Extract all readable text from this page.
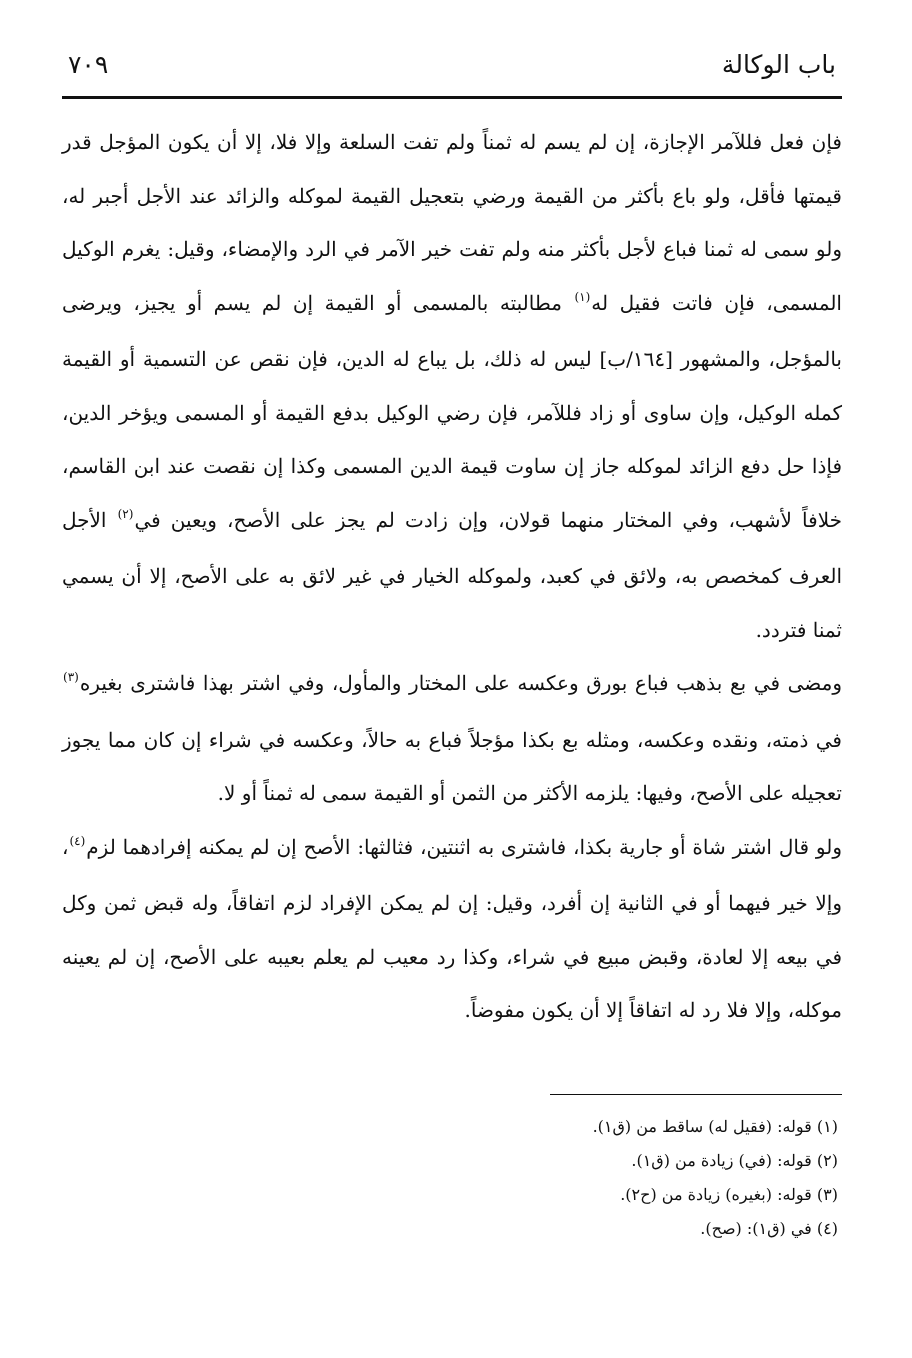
باب الوكالة
٧٠٩

فإن فعل فللآمر الإجازة، إن لم يسم له ثمناً ولم تفت السلعة وإلا فلا، إلا أن يكون المؤجل قدر قيمتها فأقل، ولو باع بأكثر من القيمة ورضي بتعجيل القيمة لموكله والزائد عند الأجل أجبر له، ولو سمى له ثمنا فباع لأجل بأكثر منه ولم تفت خير الآمر في الرد والإمضاء، وقيل: يغرم الوكيل المسمى، فإن فاتت فقيل له$^{(١)}$ مطالبته بالمسمى أو القيمة إن لم يسم أو يجيز، ويرضى بالمؤجل، والمشهور [١٦٤/ب] ليس له ذلك، بل يباع له الدين، فإن نقص عن التسمية أو القيمة كمله الوكيل، وإن ساوى أو زاد فللآمر، فإن رضي الوكيل بدفع القيمة أو المسمى ويؤخر الدين، فإذا حل دفع الزائد لموكله جاز إن ساوت قيمة الدين المسمى وكذا إن نقصت عند ابن القاسم، خلافاً لأشهب، وفي المختار منهما قولان، وإن زادت لم يجز على الأصح، ويعين في$^{(٢)}$ الأجل العرف كمخصص به، ولائق في كعبد، ولموكله الخيار في غير لائق به على الأصح، إلا أن يسمي ثمنا فتردد.

ومضى في بع بذهب فباع بورق وعكسه على المختار والمأول، وفي اشتر بهذا فاشترى بغيره$^{(٣)}$ في ذمته، ونقده وعكسه، ومثله بع بكذا مؤجلاً فباع به حالاً، وعكسه في شراء إن كان مما يجوز تعجيله على الأصح، وفيها: يلزمه الأكثر من الثمن أو القيمة سمى له ثمناً أو لا.

ولو قال اشتر شاة أو جارية بكذا، فاشترى به اثنتين، فثالثها: الأصح إن لم يمكنه إفرادهما لزم$^{(٤)}$، وإلا خير فيهما أو في الثانية إن أفرد، وقيل: إن لم يمكن الإفراد لزم اتفاقاً، وله قبض ثمن وكل في بيعه إلا لعادة، وقبض مبيع في شراء، وكذا رد معيب لم يعلم بعيبه على الأصح، إن لم يعينه موكله، وإلا فلا رد له اتفاقاً إلا أن يكون مفوضاً.

(١) قوله: (فقيل له) ساقط من (ق١).
(٢) قوله: (في) زيادة من (ق١).
(٣) قوله: (بغيره) زيادة من (ح٢).
(٤) في (ق١): (صح).
